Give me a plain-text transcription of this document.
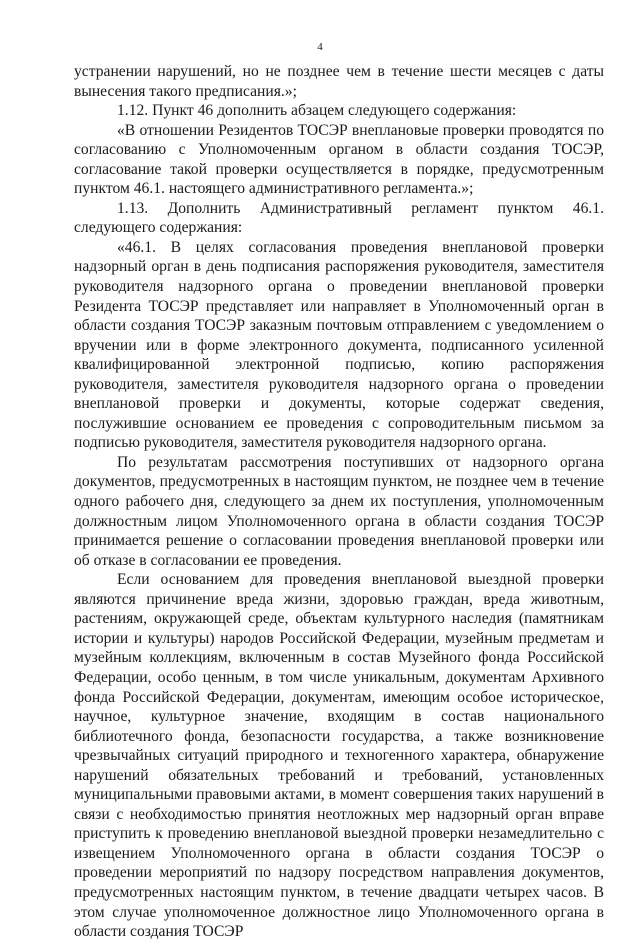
4

устранении нарушений, но не позднее чем в течение шести месяцев с даты вынесения такого предписания.»;

1.12. Пункт 46 дополнить абзацем следующего содержания:

«В отношении Резидентов ТОСЭР внеплановые проверки проводятся по согласованию с Уполномоченным органом в области создания ТОСЭР, согласование такой проверки осуществляется в порядке, предусмотренным пунктом 46.1. настоящего административного регламента.»;

1.13. Дополнить Административный регламент пунктом 46.1. следующего содержания:

«46.1. В целях согласования проведения внеплановой проверки надзорный орган в день подписания распоряжения руководителя, заместителя руководителя надзорного органа о проведении внеплановой проверки Резидента ТОСЭР представляет или направляет в Уполномоченный орган в области создания ТОСЭР заказным почтовым отправлением с уведомлением о вручении или в форме электронного документа, подписанного усиленной квалифицированной электронной подписью, копию распоряжения руководителя, заместителя руководителя надзорного органа о проведении внеплановой проверки и документы, которые содержат сведения, послужившие основанием ее проведения с сопроводительным письмом за подписью руководителя, заместителя руководителя надзорного органа.

По результатам рассмотрения поступивших от надзорного органа документов, предусмотренных в настоящим пунктом, не позднее чем в течение одного рабочего дня, следующего за днем их поступления, уполномоченным должностным лицом Уполномоченного органа в области создания ТОСЭР принимается решение о согласовании проведения внеплановой проверки или об отказе в согласовании ее проведения.

Если основанием для проведения внеплановой выездной проверки являются причинение вреда жизни, здоровью граждан, вреда животным, растениям, окружающей среде, объектам культурного наследия (памятникам истории и культуры) народов Российской Федерации, музейным предметам и музейным коллекциям, включенным в состав Музейного фонда Российской Федерации, особо ценным, в том числе уникальным, документам Архивного фонда Российской Федерации, документам, имеющим особое историческое, научное, культурное значение, входящим в состав национального библиотечного фонда, безопасности государства, а также возникновение чрезвычайных ситуаций природного и техногенного характера, обнаружение нарушений обязательных требований и требований, установленных муниципальными правовыми актами, в момент совершения таких нарушений в связи с необходимостью принятия неотложных мер надзорный орган вправе приступить к проведению внеплановой выездной проверки незамедлительно с извещением Уполномоченного органа в области создания ТОСЭР о проведении мероприятий по надзору посредством направления документов, предусмотренных настоящим пунктом, в течение двадцати четырех часов. В этом случае уполномоченное должностное лицо Уполномоченного органа в области создания ТОСЭР
